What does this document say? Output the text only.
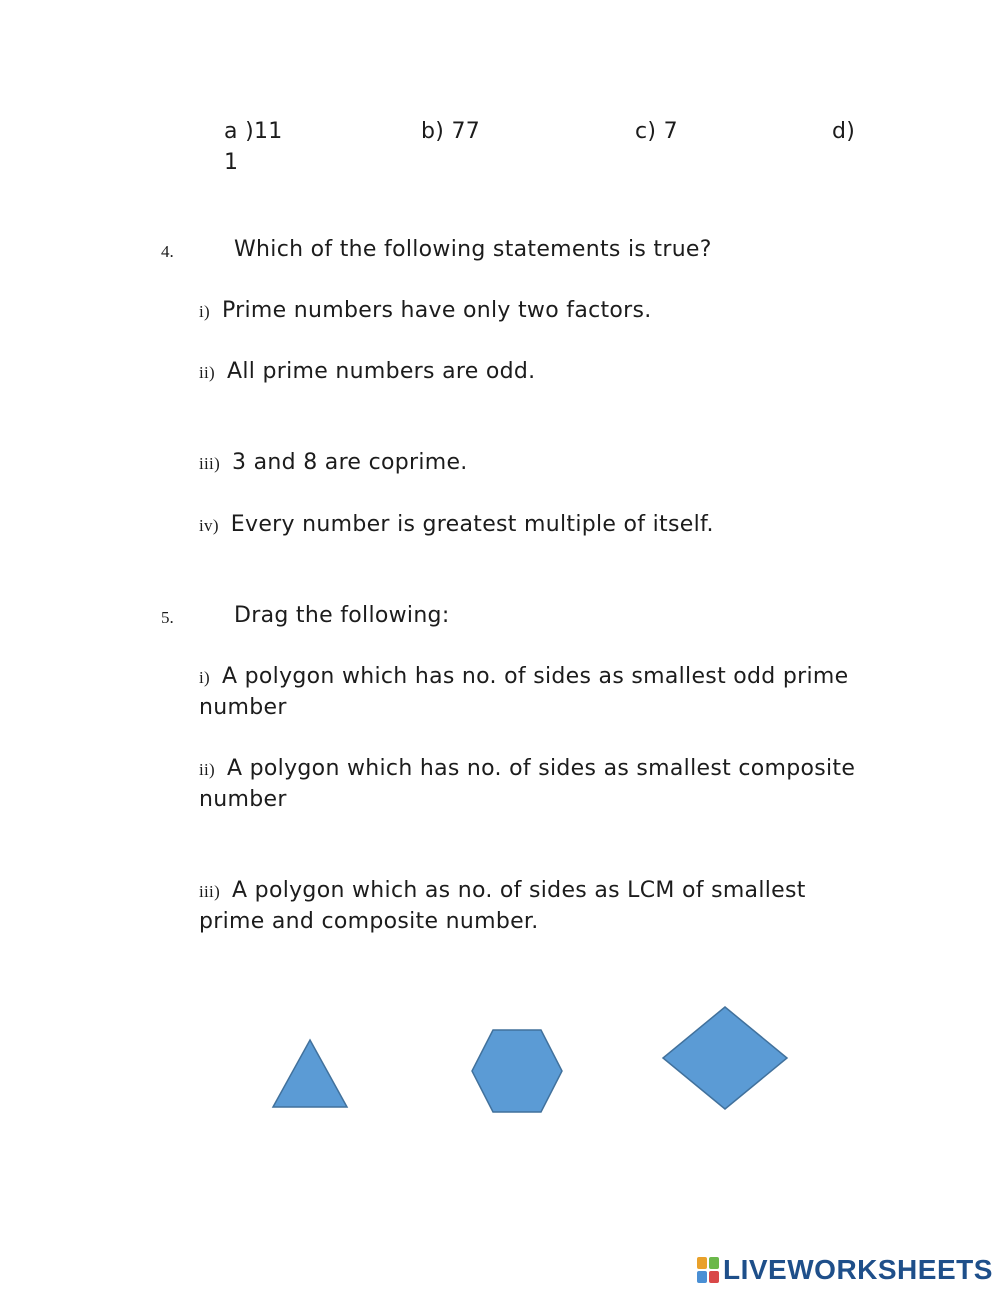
a )11	b) 77	c) 7	d)
1
4.	Which of the following statements is true?
i) Prime numbers have only two factors.
ii) All prime numbers are odd.
iii) 3 and 8 are coprime.
iv) Every number is greatest multiple of itself.
5.	Drag the following:
i) A polygon which has no. of sides as smallest odd prime number
ii) A polygon which has no. of sides as smallest composite number
iii) A polygon which as no. of sides as LCM of smallest prime and composite number.
LIVEWORKSHEETS
